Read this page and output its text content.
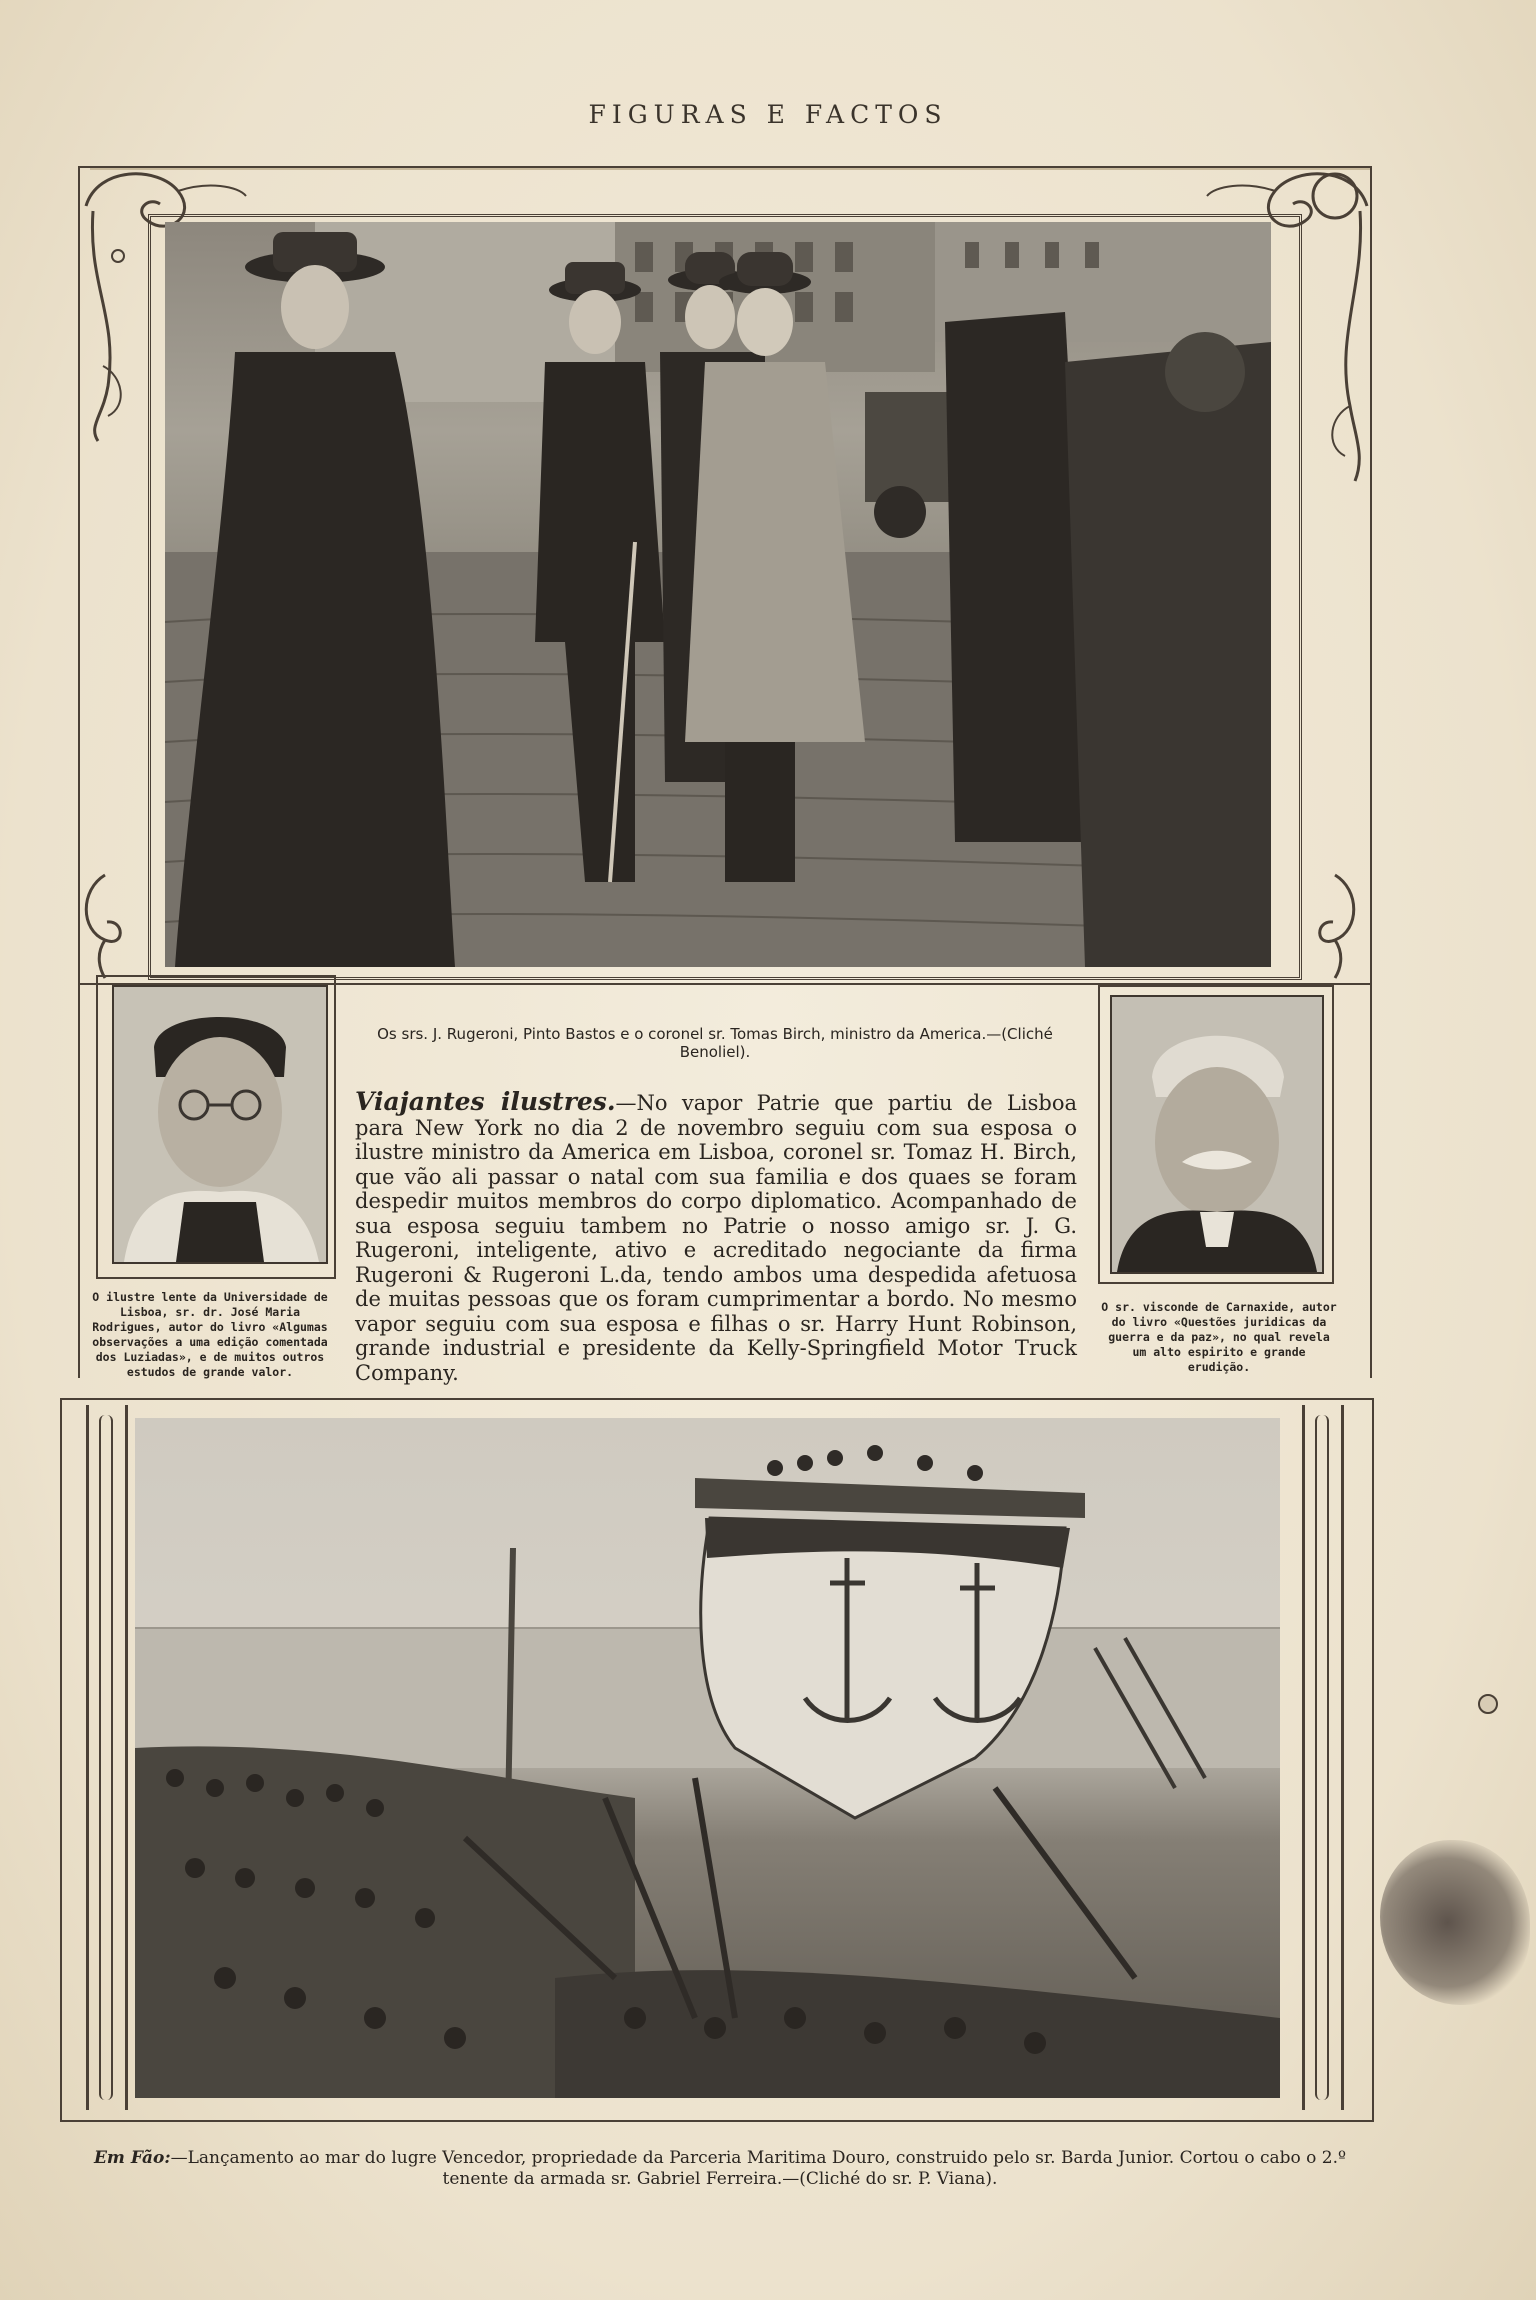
FIGURAS E FACTOS
O ilustre lente da Universidade de Lisboa, sr. dr. José Maria Rodrigues, autor do livro «Algumas observações a uma edição comentada dos Luziadas», e de muitos outros estudos de grande valor.
O sr. visconde de Carnaxide, autor do livro «Questões juridicas da guerra e da paz», no qual revela um alto espirito e grande erudição.
Os srs. J. Rugeroni, Pinto Bastos e o coronel sr. Tomas Birch, ministro da America.—(Cliché Benoliel).
Viajantes ilustres.—No vapor Patrie que partiu de Lisboa para New York no dia 2 de novembro seguiu com sua esposa o ilustre ministro da America em Lisboa, coronel sr. Tomaz H. Birch, que vão ali passar o natal com sua familia e dos quaes se foram despedir muitos membros do corpo diplomatico. Acompanhado de sua esposa seguiu tambem no Patrie o nosso amigo sr. J. G. Rugeroni, inteligente, ativo e acreditado negociante da firma Rugeroni & Rugeroni L.da, tendo ambos uma despedida afetuosa de muitas pessoas que os foram cumprimentar a bordo. No mesmo vapor seguiu com sua esposa e filhas o sr. Harry Hunt Robinson, grande industrial e presidente da Kelly-Springfield Motor Truck Company.
Em Fão:—Lançamento ao mar do lugre Vencedor, propriedade da Parceria Maritima Douro, construido pelo sr. Barda Junior. Cortou o cabo o 2.º tenente da armada sr. Gabriel Ferreira.—(Cliché do sr. P. Viana).
